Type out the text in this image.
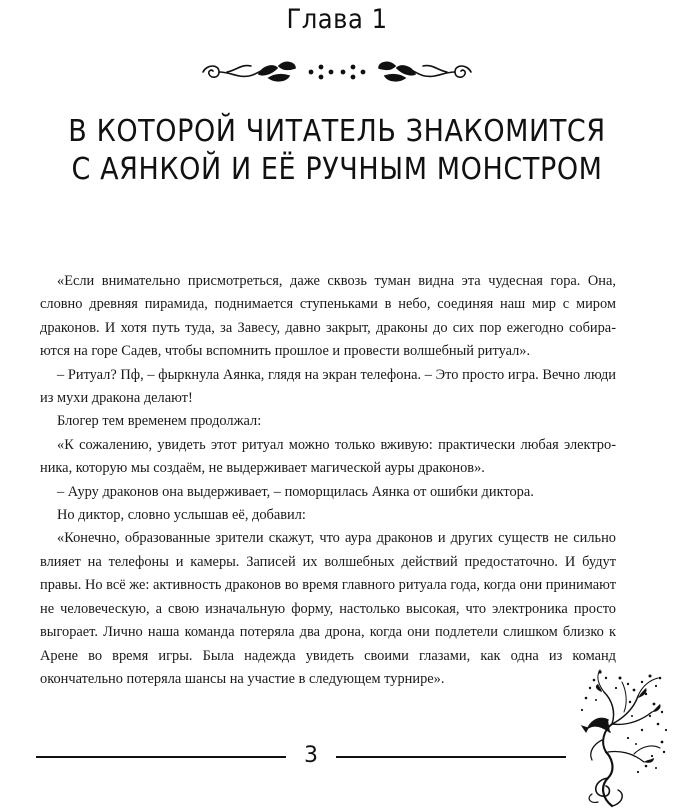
Глава 1
В КОТОРОЙ ЧИТАТЕЛЬ ЗНАКОМИТСЯ
С АЯНКОЙ И ЕЁ РУЧНЫМ МОНСТРОМ

«Если внимательно присмотреться, даже сквозь туман видна эта чудесная гора. Она, словно древняя пирамида, поднимается ступеньками в небо, соединяя наш мир с миром драконов. И хотя путь туда, за Завесу, давно закрыт, драконы до сих пор ежегодно собираются на горе Садев, чтобы вспомнить прошлое и провести волшебный ритуал».

– Ритуал? Пф, – фыркнула Аянка, глядя на экран телефона. – Это просто игра. Вечно люди из мухи дракона делают!

Блогер тем временем продолжал:

«К сожалению, увидеть этот ритуал можно только вживую: практически любая электроника, которую мы создаём, не выдерживает магической ауры драконов».

– Ауру драконов она выдерживает, – поморщилась Аянка от ошибки диктора.

Но диктор, словно услышав её, добавил:

«Конечно, образованные зрители скажут, что аура драконов и других существ не сильно влияет на телефоны и камеры. Записей их волшебных действий предостаточно. И будут правы. Но всё же: активность драконов во время главного ритуала года, когда они принимают не человеческую, а свою изначальную форму, настолько высокая, что электроника просто выгорает. Лично наша команда потеряла два дрона, когда они подлетели слишком близко к Арене во время игры. Была надежда увидеть своими глазами, как одна из команд окончательно потеряла шансы на участие в следующем турнире».

3
